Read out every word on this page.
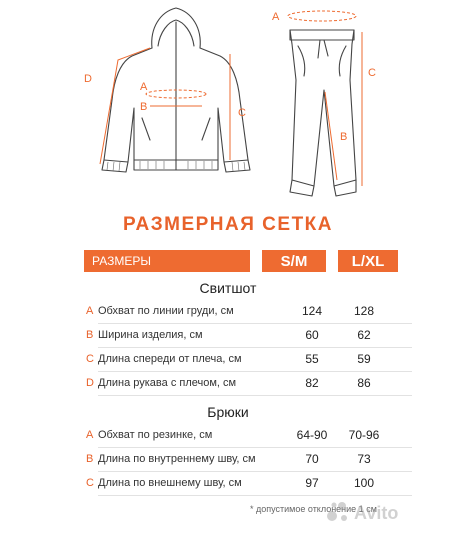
A
B	C
D
A
B
C
РАЗМЕРНАЯ СЕТКА
РАЗМЕРЫ	S/M	L/XL
Свитшот
A Обхват по линии груди, см	124	128
B Ширина изделия, см	60	62
C Длина спереди от плеча, см	55	59
D Длина рукава с плечом, см	82	86
Брюки
A Обхват по резинке, см	64-90	70-96
B Длина по внутреннему шву, см	70	73
C Длина по внешнему шву, см	97	100
* допустимое отклонение 1 см
Avito
